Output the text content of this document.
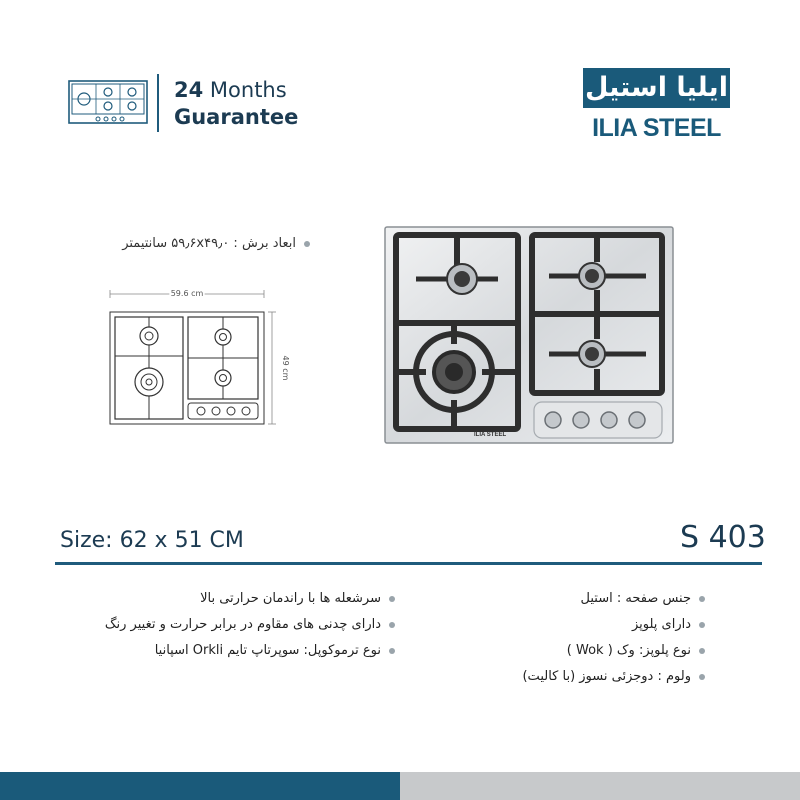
24 Months
Guarantee
ایلیا استیل
ILIA STEEL
ابعاد برش : ۵۹٫۶x۴۹٫۰ سانتیمتر
59.6 cm
49 cm
ILIA STEEL
Size: 62 x 51 CM	S 403
جنس صفحه : استیل
دارای پلوپز
نوع پلوپز: وک ( Wok )
ولوم : دوجزئی نسوز (با کالیت)
سرشعله ها با راندمان حرارتی بالا
دارای چدنی های مقاوم در برابر حرارت و تغییر رنگ
نوع ترموکوپل: سوپرتاپ تایم Orkli اسپانیا
